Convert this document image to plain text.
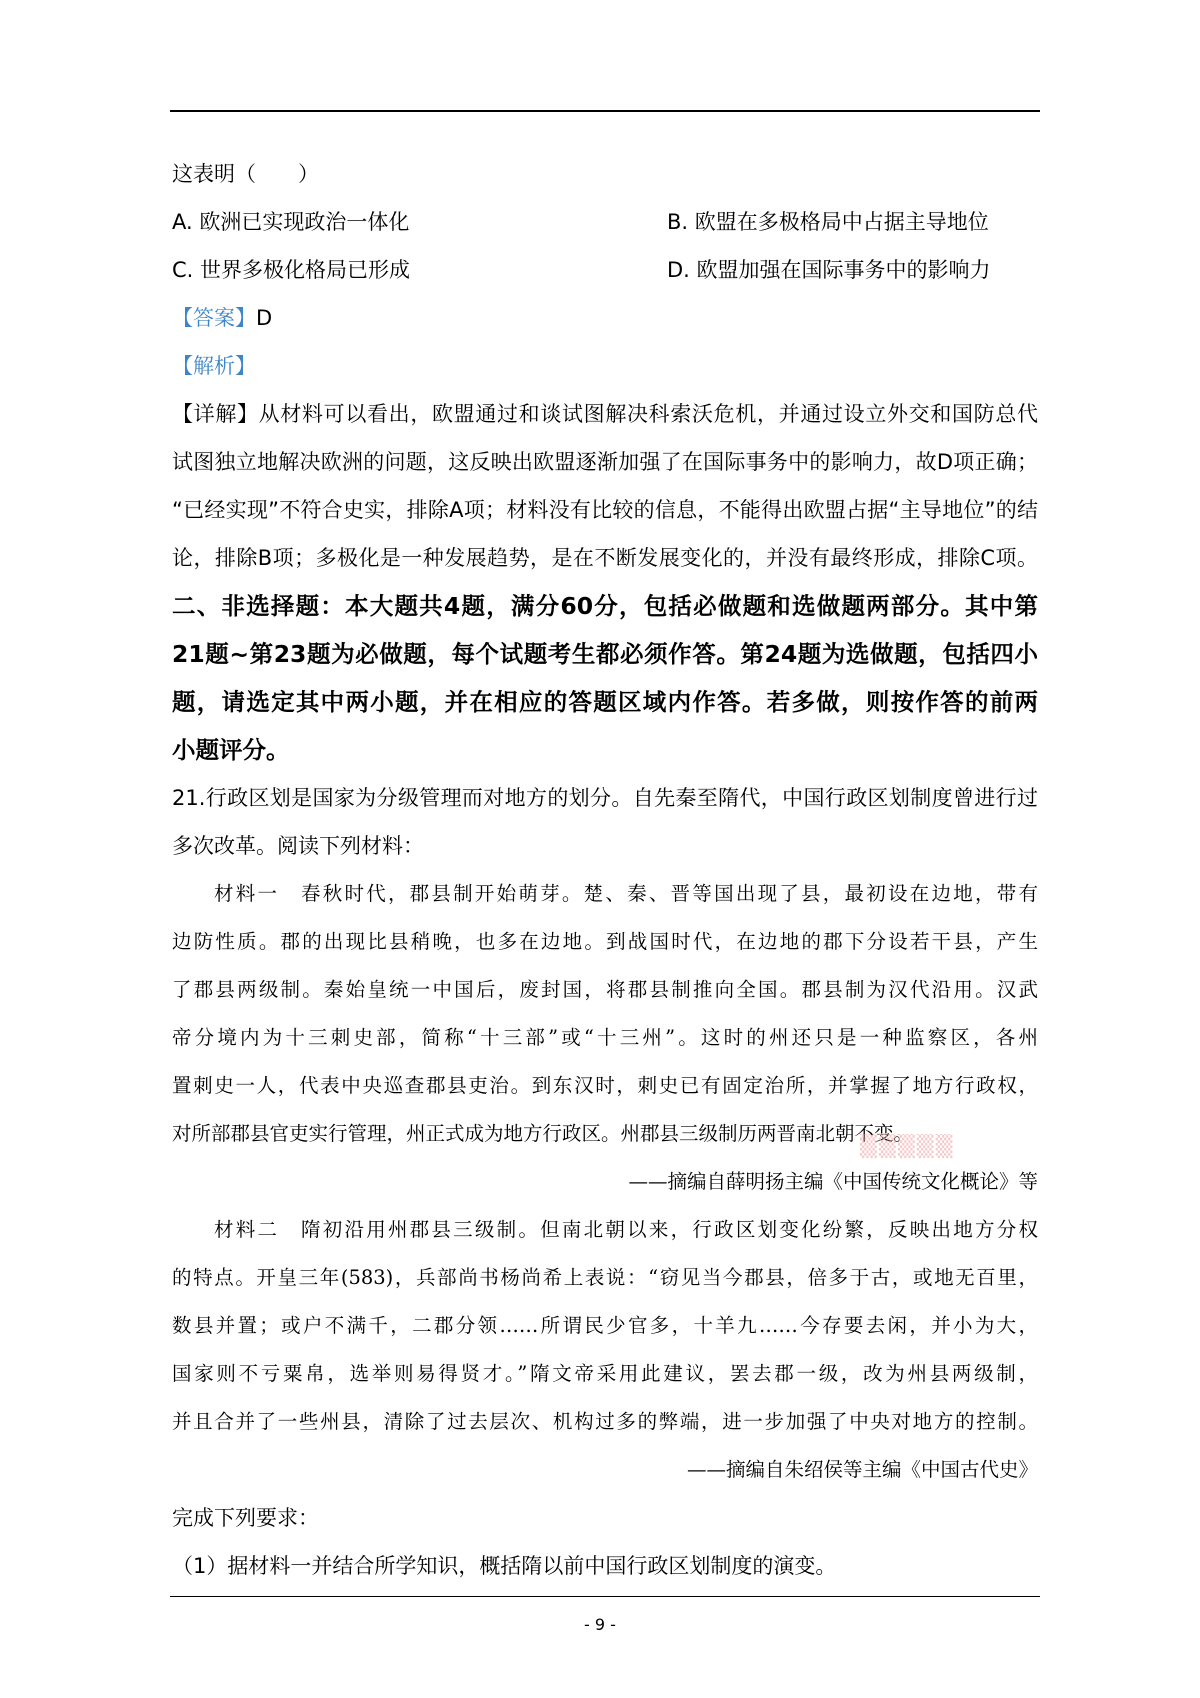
这表明（　　）
A. 欧洲已实现政治一体化	B. 欧盟在多极格局中占据主导地位
C. 世界多极化格局已形成	D. 欧盟加强在国际事务中的影响力
【答案】D
【解析】
【详解】从材料可以看出，欧盟通过和谈试图解决科索沃危机，并通过设立外交和国防总代
试图独立地解决欧洲的问题，这反映出欧盟逐渐加强了在国际事务中的影响力，故D项正确；
“已经实现”不符合史实，排除A项；材料没有比较的信息，不能得出欧盟占据“主导地位”的结
论，排除B项；多极化是一种发展趋势，是在不断发展变化的，并没有最终形成，排除C项。
二、非选择题：本大题共4题，满分60分，包括必做题和选做题两部分。其中第
21题~第23题为必做题，每个试题考生都必须作答。第24题为选做题，包括四小
题，请选定其中两小题，并在相应的答题区域内作答。若多做，则按作答的前两
小题评分。
21.行政区划是国家为分级管理而对地方的划分。自先秦至隋代，中国行政区划制度曾进行过
多次改革。阅读下列材料：
材料一　春秋时代，郡县制开始萌芽。楚、秦、晋等国出现了县，最初设在边地，带有
边防性质。郡的出现比县稍晚，也多在边地。到战国时代，在边地的郡下分设若干县，产生
了郡县两级制。秦始皇统一中国后，废封国，将郡县制推向全国。郡县制为汉代沿用。汉武
帝分境内为十三刺史部，简称“十三部”或“十三州”。这时的州还只是一种监察区，各州
置刺史一人，代表中央巡查郡县吏治。到东汉时，刺史已有固定治所，并掌握了地方行政权，
对所部郡县官吏实行管理，州正式成为地方行政区。州郡县三级制历两晋南北朝不变。
——摘编自薛明扬主编《中国传统文化概论》等
材料二　隋初沿用州郡县三级制。但南北朝以来，行政区划变化纷繁，反映出地方分权
的特点。开皇三年(583)，兵部尚书杨尚希上表说：“窃见当今郡县，倍多于古，或地无百里，
数县并置；或户不满千，二郡分领……所谓民少官多，十羊九……今存要去闲，并小为大，
国家则不亏粟帛，选举则易得贤才。”隋文帝采用此建议，罢去郡一级，改为州县两级制，
并且合并了一些州县，清除了过去层次、机构过多的弊端，进一步加强了中央对地方的控制。
——摘编自朱绍侯等主编《中国古代史》
完成下列要求：
（1）据材料一并结合所学知识，概括隋以前中国行政区划制度的演变。
▒▒▒▒▒
- 9 -
